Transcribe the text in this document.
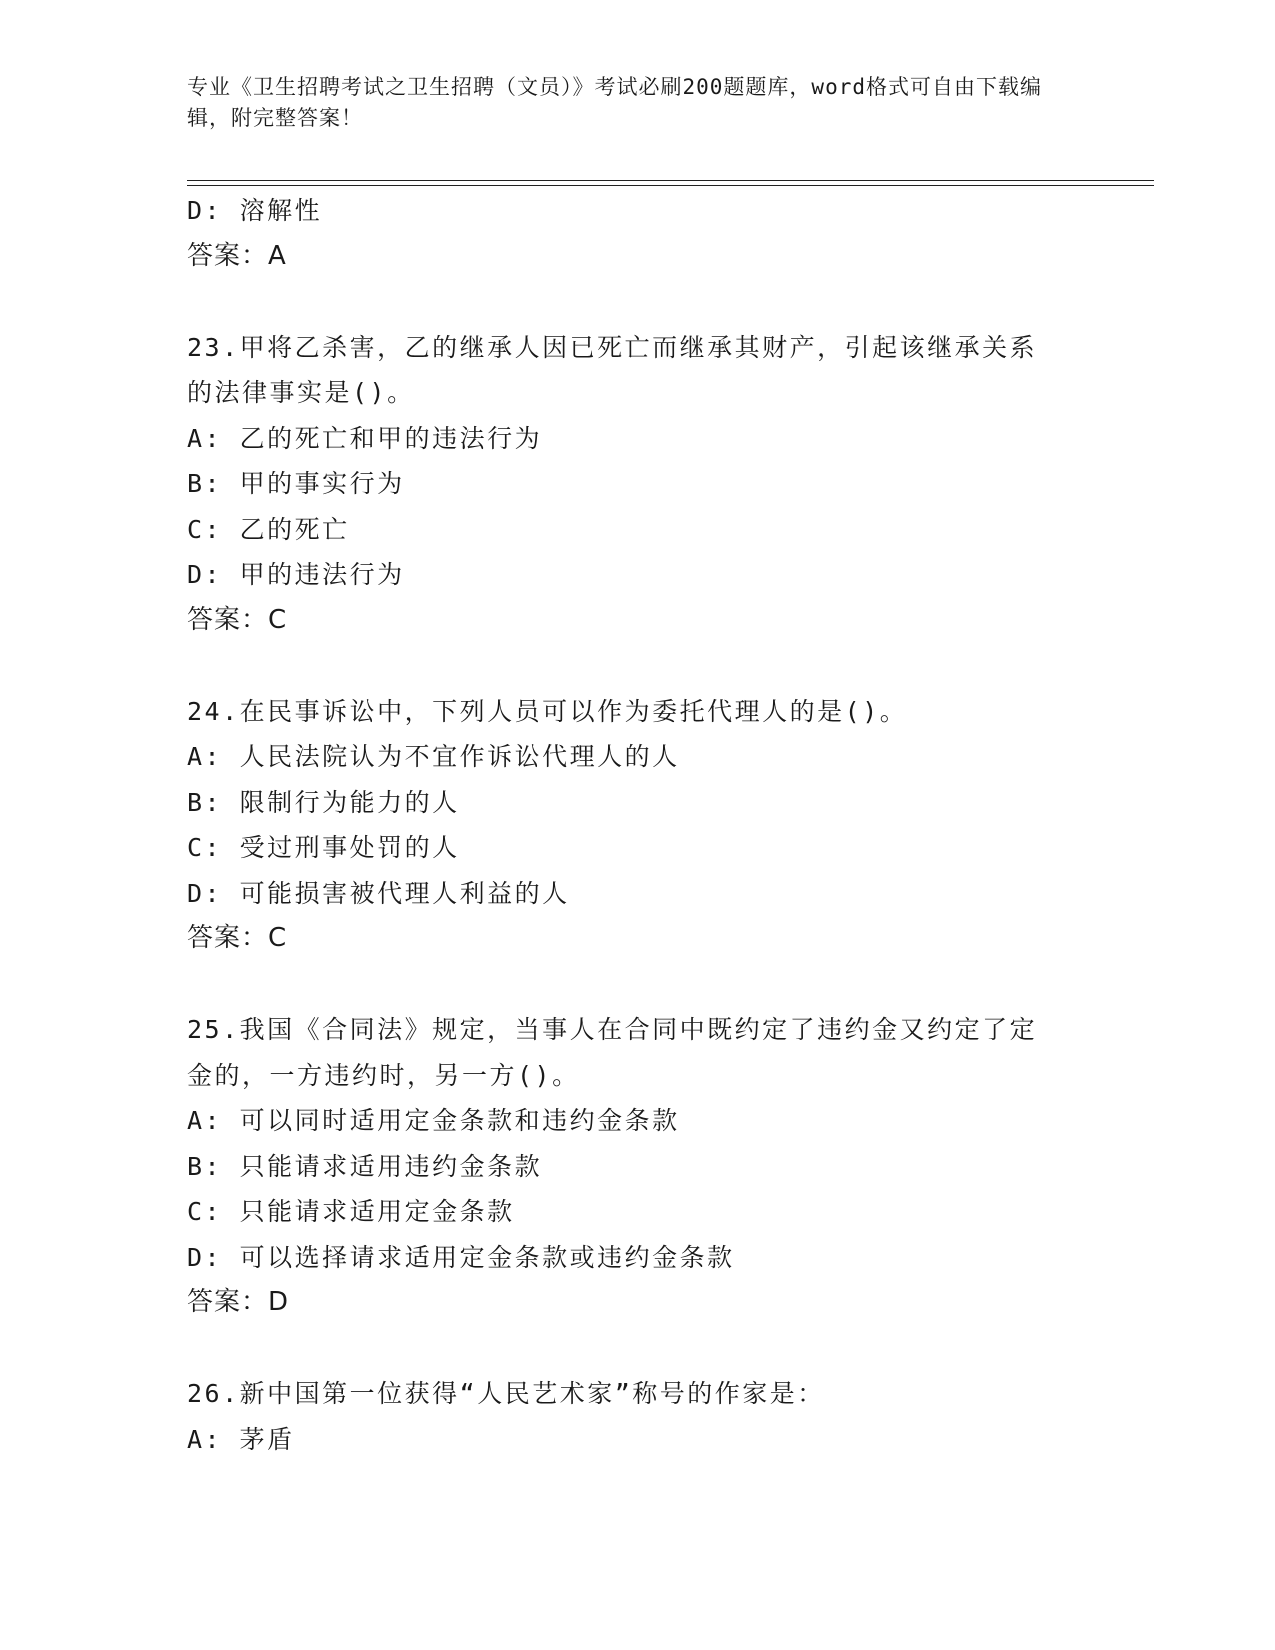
专业《卫生招聘考试之卫生招聘（文员）》考试必刷200题题库，word格式可自由下载编辑，附完整答案！
D: 溶解性
答案：A
23.甲将乙杀害，乙的继承人因已死亡而继承其财产，引起该继承关系
的法律事实是()。
A: 乙的死亡和甲的违法行为
B: 甲的事实行为
C: 乙的死亡
D: 甲的违法行为
答案：C
24.在民事诉讼中，下列人员可以作为委托代理人的是()。
A: 人民法院认为不宜作诉讼代理人的人
B: 限制行为能力的人
C: 受过刑事处罚的人
D: 可能损害被代理人利益的人
答案：C
25.我国《合同法》规定，当事人在合同中既约定了违约金又约定了定
金的，一方违约时，另一方()。
A: 可以同时适用定金条款和违约金条款
B: 只能请求适用违约金条款
C: 只能请求适用定金条款
D: 可以选择请求适用定金条款或违约金条款
答案：D
26.新中国第一位获得“人民艺术家”称号的作家是：
A: 茅盾
